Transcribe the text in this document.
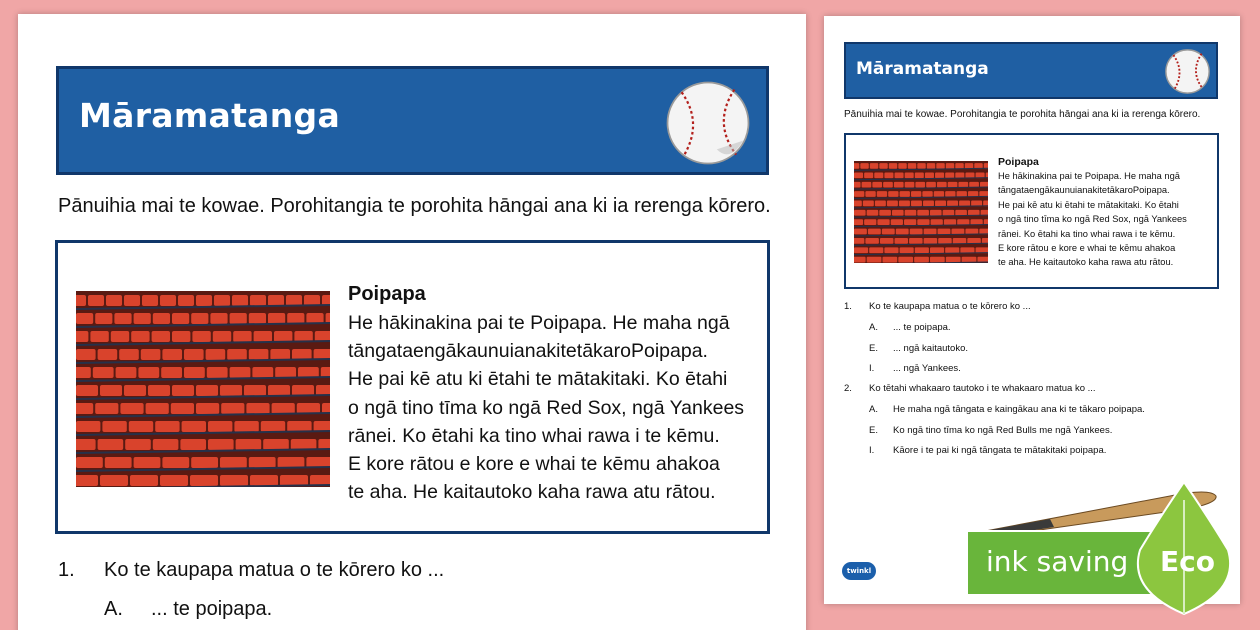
Māramatanga
Pānuihia mai te kowae. Porohitangia te porohita hāngai ana ki ia rerenga kōrero.
Poipapa
He hākinakina pai te Poipapa. He maha ngā
tāngataengākaunuianakitetākaroPoipapa.
He pai kē atu ki ētahi te mātakitaki. Ko ētahi
o ngā tino tīma ko ngā Red Sox, ngā Yankees
rānei. Ko ētahi ka tino whai rawa i te kēmu.
E kore rātou e kore e whai te kēmu ahakoa
te aha. He kaitautoko kaha rawa atu rātou.
1. Ko te kaupapa matua o te kōrero ko ...
A. ... te poipapa.
Māramatanga
Pānuihia mai te kowae. Porohitangia te porohita hāngai ana ki ia rerenga kōrero.
Poipapa
He hākinakina pai te Poipapa. He maha ngā
tāngataengākaunuianakitetākaroPoipapa.
He pai kē atu ki ētahi te mātakitaki. Ko ētahi
o ngā tino tīma ko ngā Red Sox, ngā Yankees
rānei. Ko ētahi ka tino whai rawa i te kēmu.
E kore rātou e kore e whai te kēmu ahakoa
te aha. He kaitautoko kaha rawa atu rātou.
1. Ko te kaupapa matua o te kōrero ko ...
A. ... te poipapa.
E. ... ngā kaitautoko.
I. ... ngā Yankees.
2. Ko tētahi whakaaro tautoko i te whakaaro matua ko ...
A. He maha ngā tāngata e kaingākau ana ki te tākaro poipapa.
E. Ko ngā tino tīma ko ngā Red Bulls me ngā Yankees.
I. Kāore i te pai ki ngā tāngata te mātakitaki poipapa.
twinkl	ink saving Eco
